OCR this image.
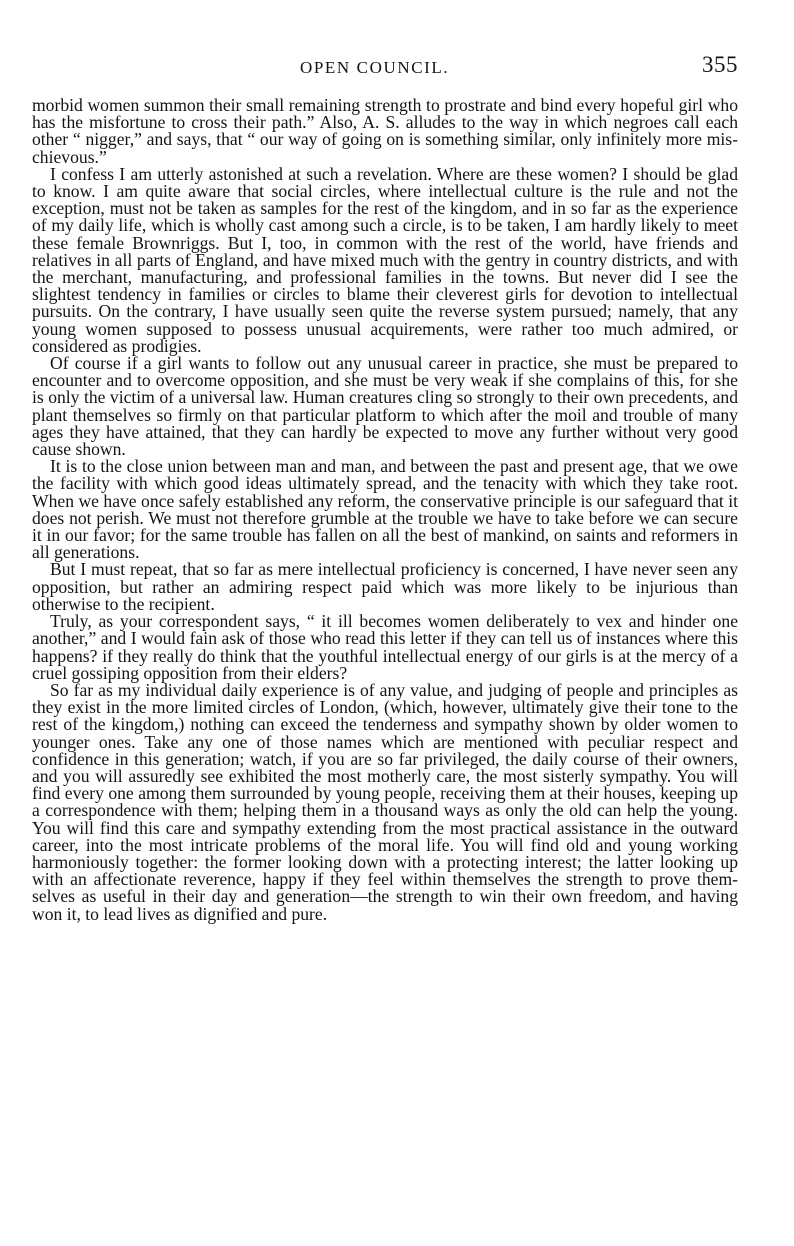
OPEN COUNCIL.	355

morbid women summon their small remaining strength to prostrate and bind every hopeful girl who has the misfortune to cross their path.” Also, A. S. alludes to the way in which negroes call each other “ nigger,” and says, that “ our way of going on is something similar, only infinitely more mischievous.”

I confess I am utterly astonished at such a revelation. Where are these women? I should be glad to know. I am quite aware that social circles, where intellectual culture is the rule and not the exception, must not be taken as samples for the rest of the kingdom, and in so far as the experience of my daily life, which is wholly cast among such a circle, is to be taken, I am hardly likely to meet these female Brownriggs. But I, too, in common with the rest of the world, have friends and relatives in all parts of England, and have mixed much with the gentry in country districts, and with the merchant, manufacturing, and professional families in the towns. But never did I see the slightest tendency in families or circles to blame their cleverest girls for devotion to intellectual pursuits. On the contrary, I have usually seen quite the reverse system pursued; namely, that any young women supposed to possess unusual acquirements, were rather too much admired, or considered as prodigies.

Of course if a girl wants to follow out any unusual career in practice, she must be prepared to encounter and to overcome opposition, and she must be very weak if she complains of this, for she is only the victim of a universal law. Human creatures cling so strongly to their own precedents, and plant themselves so firmly on that particular platform to which after the moil and trouble of many ages they have attained, that they can hardly be expected to move any further without very good cause shown.

It is to the close union between man and man, and between the past and present age, that we owe the facility with which good ideas ultimately spread, and the tenacity with which they take root. When we have once safely established any reform, the conservative principle is our safeguard that it does not perish. We must not therefore grumble at the trouble we have to take before we can secure it in our favor; for the same trouble has fallen on all the best of mankind, on saints and reformers in all generations.

But I must repeat, that so far as mere intellectual proficiency is concerned, I have never seen any opposition, but rather an admiring respect paid which was more likely to be injurious than otherwise to the recipient.

Truly, as your correspondent says, “ it ill becomes women deliberately to vex and hinder one another,” and I would fain ask of those who read this letter if they can tell us of instances where this happens? if they really do think that the youthful intellectual energy of our girls is at the mercy of a cruel gossiping opposition from their elders?

So far as my individual daily experience is of any value, and judging of people and principles as they exist in the more limited circles of London, (which, however, ultimately give their tone to the rest of the kingdom,) nothing can exceed the tenderness and sympathy shown by older women to younger ones. Take any one of those names which are mentioned with peculiar respect and confidence in this generation; watch, if you are so far privileged, the daily course of their owners, and you will assuredly see exhibited the most motherly care, the most sisterly sympathy. You will find every one among them surrounded by young people, receiving them at their houses, keeping up a correspondence with them; helping them in a thousand ways as only the old can help the young. You will find this care and sympathy extending from the most practical assistance in the outward career, into the most intricate problems of the moral life. You will find old and young working harmoniously together: the former looking down with a protecting interest; the latter looking up with an affectionate reverence, happy if they feel within themselves the strength to prove themselves as useful in their day and generation—the strength to win their own freedom, and having won it, to lead lives as dignified and pure.
